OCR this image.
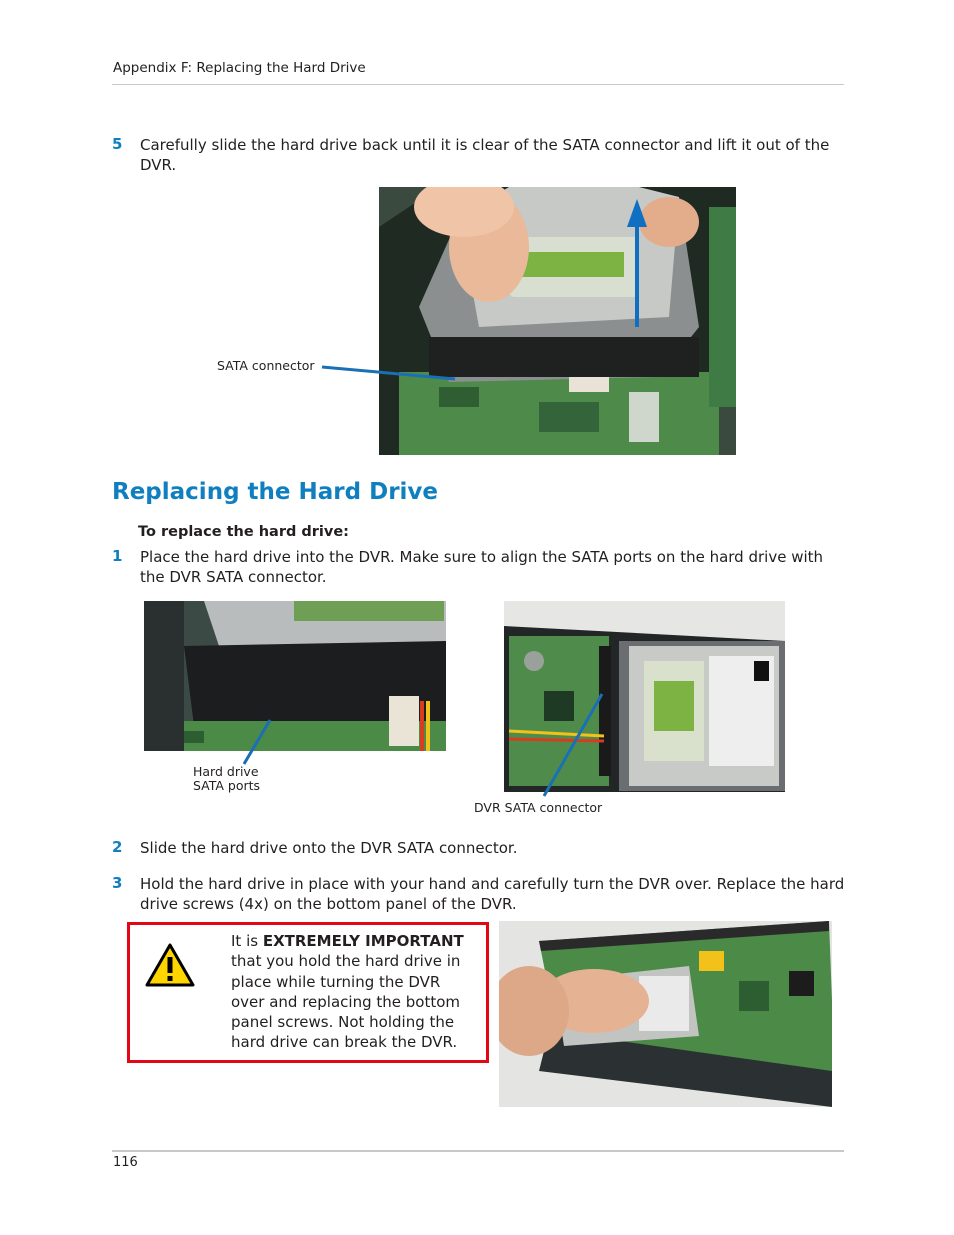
Appendix F: Replacing the Hard Drive
5 Carefully slide the hard drive back until it is clear of the SATA connector and lift it out of the DVR.
SATA connector
Replacing the Hard Drive
To replace the hard drive:
1 Place the hard drive into the DVR. Make sure to align the SATA ports on the hard drive with the DVR SATA connector.
Hard drive
SATA ports
DVR SATA connector
2 Slide the hard drive onto the DVR SATA connector.
3 Hold the hard drive in place with your hand and carefully turn the DVR over. Replace the hard drive screws (4x) on the bottom panel of the DVR.
It is EXTREMELY IMPORTANT that you hold the hard drive in place while turning the DVR over and replacing the bottom panel screws. Not holding the hard drive can break the DVR.
116
